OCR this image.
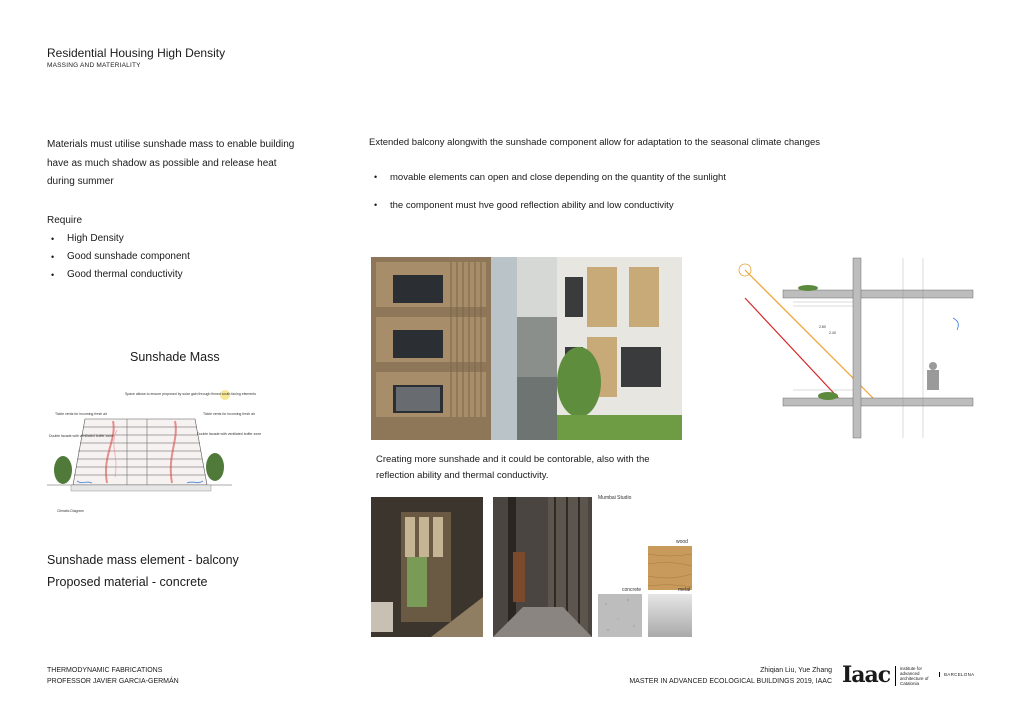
Residential Housing High Density
MASSING AND MATERIALITY
Materials must utilise sunshade mass to enable building have as much shadow as possible and release heat during summer
Require
• High Density
• Good sunshade component
• Good thermal conductivity
Sunshade Mass
Space allows to ensure proposed by solar gain through finned south facing elements
Tickle vents for incoming fresh air
Double facade with ventilated buffer zone
Tickle vents for incoming fresh air
Double facade with ventilated buffer zone
Climatic Diagram
Sunshade mass element - balcony
Proposed material - concrete
Extended balcony alongwith the sunshade component allow for adaptation to the seasonal climate changes
• movable elements can open and close depending on the quantity of the sunlight
• the component must hve good reflection ability and low conductivity
2.80
2.40
Creating more sunshade and it could be contorable, also with the reflection ability and thermal conductivity.
Mumbai Studio
wood
concrete	metal
THERMODYNAMIC FABRICATIONS
PROFESSOR JAVIER GARCIA-GERMÁN
Zhiqian Liu, Yue Zhang
MASTER IN ADVANCED ECOLOGICAL BUILDINGS 2019, IAAC Iaac	institute for advanced architecture of Catalonia
BARCELONA
